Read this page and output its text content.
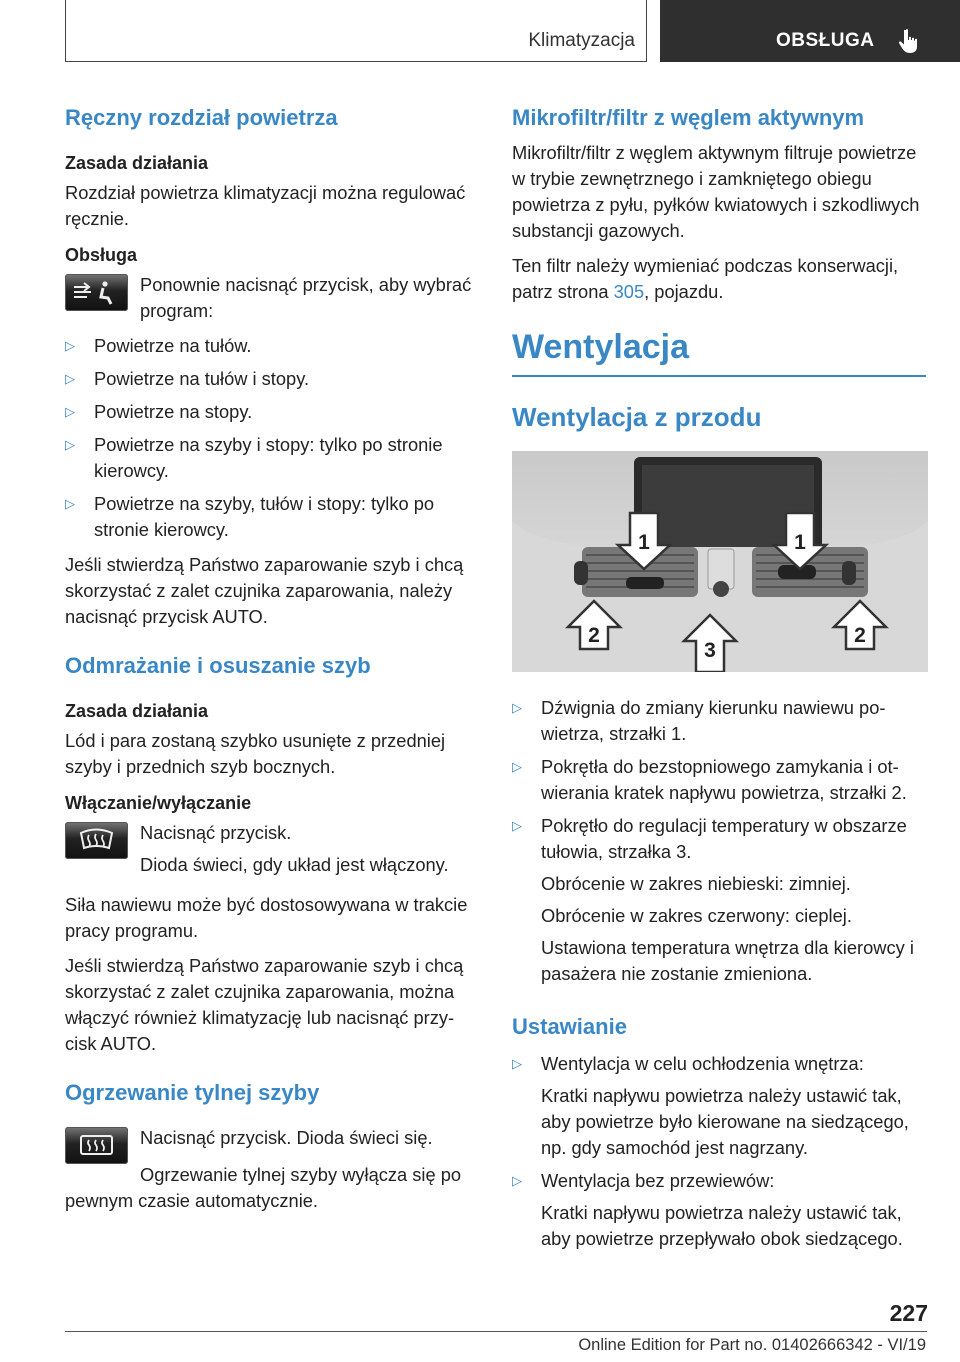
Klimatyzacja	OBSŁUGA
Ręczny rozdział powietrza
Zasada działania

Rozdział powietrza klimatyzacji można regulować ręcznie.

Obsługa
Ponownie nacisnąć przycisk, aby wybrać program:
▷ Powietrze na tułów.
▷ Powietrze na tułów i stopy.
▷ Powietrze na stopy.
▷ Powietrze na szyby i stopy: tylko po stronie kierowcy.
▷ Powietrze na szyby, tułów i stopy: tylko po stronie kierowcy.

Jeśli stwierdzą Państwo zaparowanie szyb i chcą skorzystać z zalet czujnika zaparowania, należy nacisnąć przycisk AUTO.

Odmrażanie i osuszanie szyb
Zasada działania

Lód i para zostaną szybko usunięte z przedniej szyby i przednich szyb bocznych.

Włączanie/wyłączanie

Nacisnąć przycisk.

Dioda świeci, gdy układ jest włączony.

Siła nawiewu może być dostosowywana w trakcie pracy programu.

Jeśli stwierdzą Państwo zaparowanie szyb i chcą skorzystać z zalet czujnika zaparowania, można włączyć również klimatyzację lub nacisnąć przycisk AUTO.

Ogrzewanie tylnej szyby

Nacisnąć przycisk. Dioda świeci się.

Ogrzewanie tylnej szyby wyłącza się po pewnym czasie automatycznie.

Mikrofiltr/filtr z węglem aktywnym

Mikrofiltr/filtr z węglem aktywnym filtruje powietrze w trybie zewnętrznego i zamkniętego obiegu powietrza z pyłu, pyłków kwiatowych i szkodliwych substancji gazowych.

Ten filtr należy wymieniać podczas konserwacji, patrz strona 305, pojazdu.

Wentylacja
Wentylacja z przodu
1	1
2
3
2
▷ Dźwignia do zmiany kierunku nawiewu powietrza, strzałki 1.
▷ Pokrętła do bezstopniowego zamykania i otwierania kratek napływu powietrza, strzałki 2.
▷ Pokrętło do regulacji temperatury w obszarze tułowia, strzałka 3.

Obrócenie w zakres niebieski: zimniej.

Obrócenie w zakres czerwony: cieplej.

Ustawiona temperatura wnętrza dla kierowcy i pasażera nie zostanie zmieniona.

Ustawianie
▷ Wentylacja w celu ochłodzenia wnętrza:

Kratki napływu powietrza należy ustawić tak, aby powietrze było kierowane na siedzącego, np. gdy samochód jest nagrzany.

▷ Wentylacja bez przewiewów:

Kratki napływu powietrza należy ustawić tak, aby powietrze przepływało obok siedzącego.

227
Online Edition for Part no. 01402666342 - VI/19
